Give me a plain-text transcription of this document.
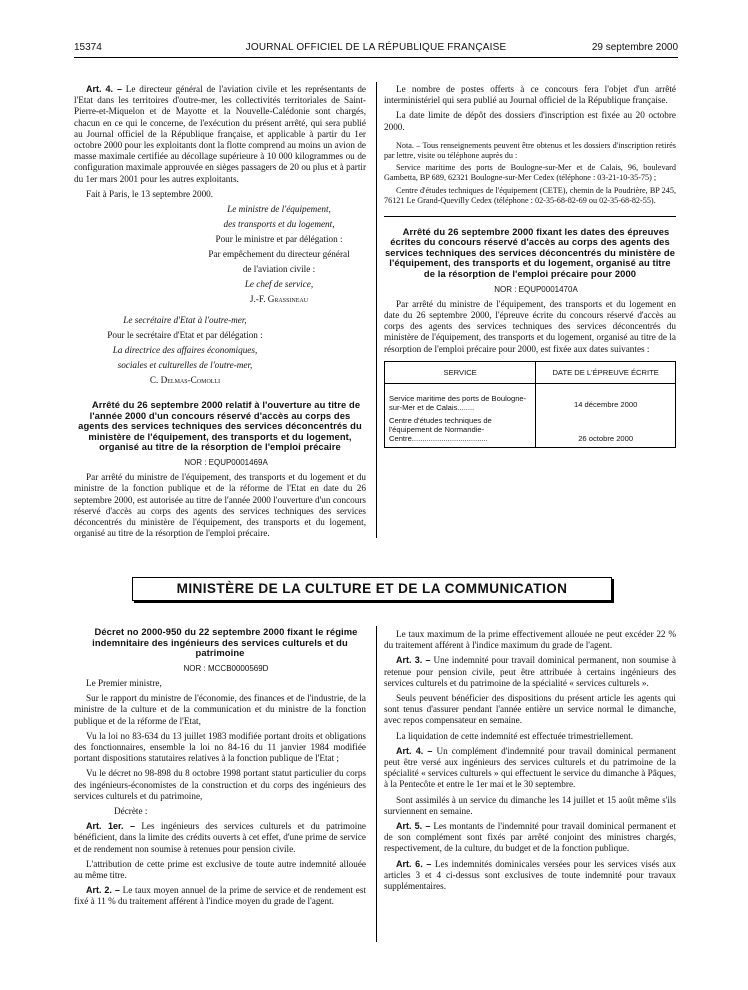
15374	JOURNAL OFFICIEL DE LA RÉPUBLIQUE FRANÇAISE	29 septembre 2000

Art. 4. – Le directeur général de l'aviation civile et les représentants de l'Etat dans les territoires d'outre-mer, les collectivités territoriales de Saint-Pierre-et-Miquelon et de Mayotte et la Nouvelle-Calédonie sont chargés, chacun en ce qui le concerne, de l'exécution du présent arrêté, qui sera publié au Journal officiel de la République française, et applicable à partir du 1er octobre 2000 pour les exploitants dont la flotte comprend au moins un avion de masse maximale certifiée au décollage supérieure à 10 000 kilogrammes ou de configuration maximale approuvée en sièges passagers de 20 ou plus et à partir du 1er mars 2001 pour les autres exploitants.

Fait à Paris, le 13 septembre 2000.

Le ministre de l'équipement,

des transports et du logement,

Pour le ministre et par délégation :

Par empêchement du directeur général

de l'aviation civile :

Le chef de service,

J.-F. Grassineau

Le secrétaire d'Etat à l'outre-mer,

Pour le secrétaire d'Etat et par délégation :

La directrice des affaires économiques,

sociales et culturelles de l'outre-mer,

C. Delmas-Comolli

Arrêté du 26 septembre 2000 relatif à l'ouverture au titre de l'année 2000 d'un concours réservé d'accès au corps des agents des services techniques des services déconcentrés du ministère de l'équipement, des transports et du logement, organisé au titre de la résorption de l'emploi précaire

NOR : EQUP0001469A

Par arrêté du ministre de l'équipement, des transports et du logement et du ministre de la fonction publique et de la réforme de l'Etat en date du 26 septembre 2000, est autorisée au titre de l'année 2000 l'ouverture d'un concours réservé d'accès au corps des agents des services techniques des services déconcentrés du ministère de l'équipement, des transports et du logement, organisé au titre de la résorption de l'emploi précaire.

Le nombre de postes offerts à ce concours fera l'objet d'un arrêté interministériel qui sera publié au Journal officiel de la République française.

La date limite de dépôt des dossiers d'inscription est fixée au 20 octobre 2000.

Nota. – Tous renseignements peuvent être obtenus et les dossiers d'inscription retirés par lettre, visite ou téléphone auprès du :

Service maritime des ports de Boulogne-sur-Mer et de Calais, 96, boulevard Gambetta, BP 689, 62321 Boulogne-sur-Mer Cedex (téléphone : 03-21-10-35-75) ;

Centre d'études techniques de l'équipement (CETE), chemin de la Poudrière, BP 245, 76121 Le Grand-Quevilly Cedex (téléphone : 02-35-68-82-69 ou 02-35-68-82-55).

Arrêté du 26 septembre 2000 fixant les dates des épreuves écrites du concours réservé d'accès au corps des agents des services techniques des services déconcentrés du ministère de l'équipement, des transports et du logement, organisé au titre de la résorption de l'emploi précaire pour 2000

NOR : EQUP0001470A

Par arrêté du ministre de l'équipement, des transports et du logement en date du 26 septembre 2000, l'épreuve écrite du concours réservé d'accès au corps des agents des services techniques des services déconcentrés du ministère de l'équipement, des transports et du logement, organisé au titre de la résorption de l'emploi précaire pour 2000, est fixée aux dates suivantes :

SERVICE	DATE DE L'ÉPREUVE ÉCRITE
Service maritime des ports de Boulogne-sur-Mer et de Calais........	14 décembre 2000
Centre d'études techniques de l'équipement de Normandie-Centre....................................	26 octobre 2000
MINISTÈRE DE LA CULTURE ET DE LA COMMUNICATION

Décret no 2000-950 du 22 septembre 2000 fixant le régime indemnitaire des ingénieurs des services culturels et du patrimoine

NOR : MCCB0000569D

Le Premier ministre,

Sur le rapport du ministre de l'économie, des finances et de l'industrie, de la ministre de la culture et de la communication et du ministre de la fonction publique et de la réforme de l'Etat,

Vu la loi no 83-634 du 13 juillet 1983 modifiée portant droits et obligations des fonctionnaires, ensemble la loi no 84-16 du 11 janvier 1984 modifiée portant dispositions statutaires relatives à la fonction publique de l'Etat ;

Vu le décret no 98-898 du 8 octobre 1998 portant statut particulier du corps des ingénieurs-économistes de la construction et du corps des ingénieurs des services culturels et du patrimoine,

Décrète :

Art. 1er. – Les ingénieurs des services culturels et du patrimoine bénéficient, dans la limite des crédits ouverts à cet effet, d'une prime de service et de rendement non soumise à retenues pour pension civile.

L'attribution de cette prime est exclusive de toute autre indemnité allouée au même titre.

Art. 2. – Le taux moyen annuel de la prime de service et de rendement est fixé à 11 % du traitement afférent à l'indice moyen du grade de l'agent.

Le taux maximum de la prime effectivement allouée ne peut excéder 22 % du traitement afférent à l'indice maximum du grade de l'agent.

Art. 3. – Une indemnité pour travail dominical permanent, non soumise à retenue pour pension civile, peut être attribuée à certains ingénieurs des services culturels et du patrimoine de la spécialité « services culturels ».

Seuls peuvent bénéficier des dispositions du présent article les agents qui sont tenus d'assurer pendant l'année entière un service normal le dimanche, avec repos compensateur en semaine.

La liquidation de cette indemnité est effectuée trimestriellement.

Art. 4. – Un complément d'indemnité pour travail dominical permanent peut être versé aux ingénieurs des services culturels et du patrimoine de la spécialité « services culturels » qui effectuent le service du dimanche à Pâques, à la Pentecôte et entre le 1er mai et le 30 septembre.

Sont assimilés à un service du dimanche les 14 juillet et 15 août même s'ils surviennent en semaine.

Art. 5. – Les montants de l'indemnité pour travail dominical permanent et de son complément sont fixés par arrêté conjoint des ministres chargés, respectivement, de la culture, du budget et de la fonction publique.

Art. 6. – Les indemnités dominicales versées pour les services visés aux articles 3 et 4 ci-dessus sont exclusives de toute indemnité pour travaux supplémentaires.
